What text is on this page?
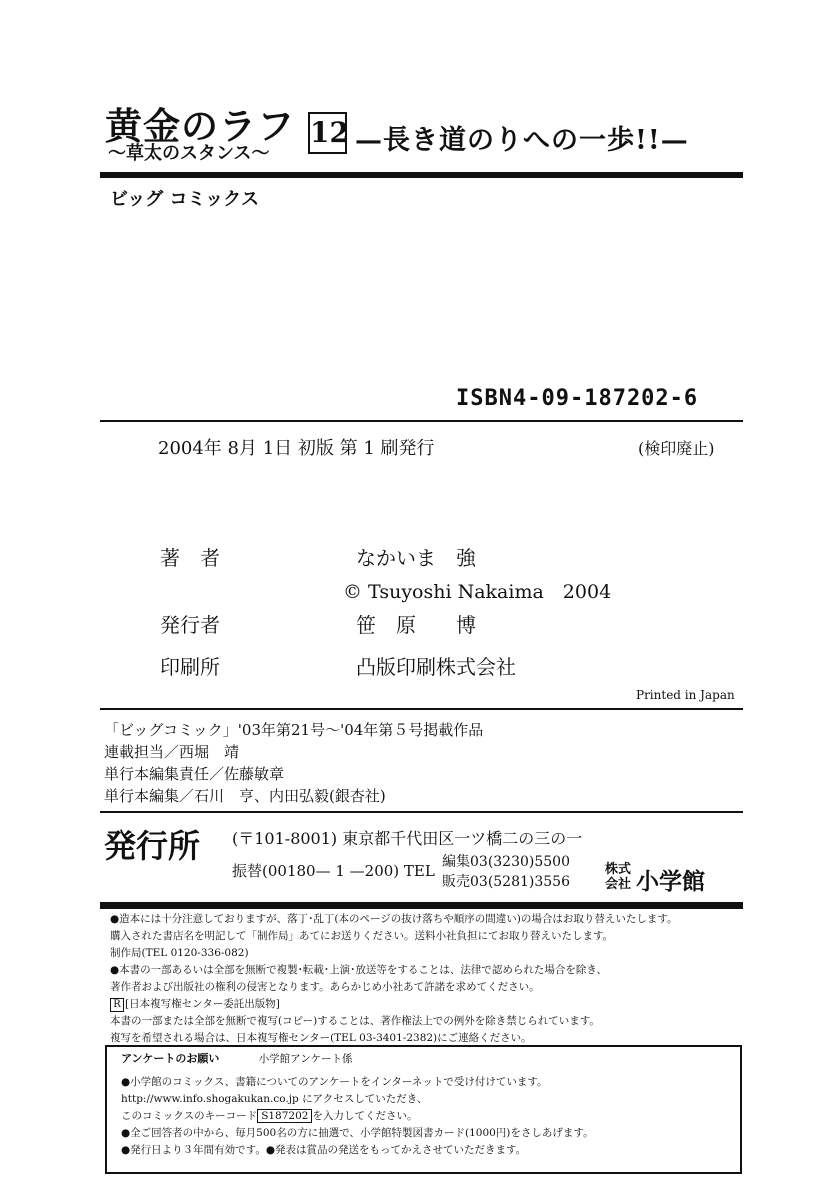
黄金のラフ 12
〜草太のスタンス〜	—長き道のりへの一歩!!—
ビッグ コミックス
ISBN4-09-187202-6
2004年 8月 1日 初版 第 1 刷発行	(検印廃止)
著　者	なかいま　強
© Tsuyoshi Nakaima　2004
発行者	笹　原　　博
印刷所	凸版印刷株式会社
Printed in Japan
「ビッグコミック」'03年第21号〜'04年第５号掲載作品
連載担当／西堀　靖
単行本編集責任／佐藤敏章
単行本編集／石川　亨、内田弘毅(銀杏社)
発行所 (〒101-8001) 東京都千代田区一ツ橋二の三の一
振替(00180— 1 —200) TEL 編集03(3230)5500
販売03(5281)3556
株式
会社 小学館

●造本には十分注意しておりますが、落丁･乱丁(本のページの抜け落ちや順序の間違い)の場合はお取り替えいたします。

購入された書店名を明記して「制作局」あてにお送りください。送料小社負担にてお取り替えいたします。

制作局(TEL 0120-336-082)

●本書の一部あるいは全部を無断で複製･転載･上演･放送等をすることは、法律で認められた場合を除き、

著作者および出版社の権利の侵害となります。あらかじめ小社あて許諾を求めてください。

R [日本複写権センター委託出版物]

本書の一部または全部を無断で複写(コピー)することは、著作権法上での例外を除き禁じられています。

複写を希望される場合は、日本複写権センター(TEL 03-3401-2382)にご連絡ください。

アンケートのお願い	小学館アンケート係

●小学館のコミックス、書籍についてのアンケートをインターネットで受け付けています。

http://www.info.shogakukan.co.jp にアクセスしていただき、

このコミックスのキーコード S187202 を入力してください。

●全ご回答者の中から、毎月500名の方に抽選で、小学館特製図書カード(1000円)をさしあげます。

●発行日より３年間有効です。●発表は賞品の発送をもってかえさせていただきます。
